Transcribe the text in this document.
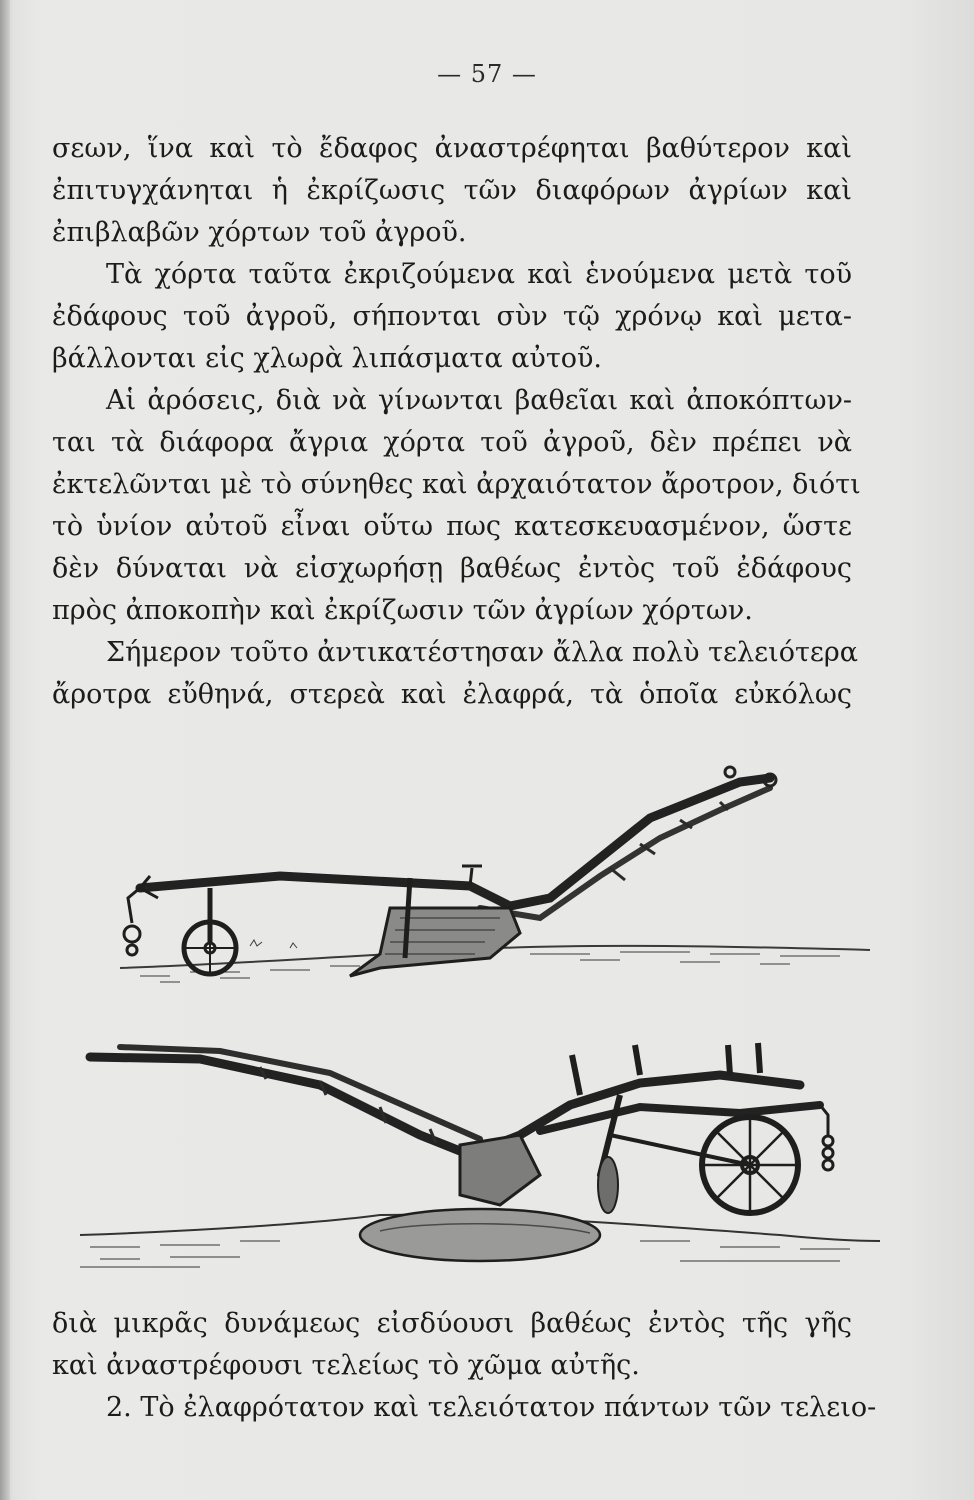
— 57 —
σεων, ἵνα καὶ τὸ ἔδαφος ἀναστρέφηται βαθύτερον καὶ
ἐπιτυγχάνηται ἡ ἐκρίζωσις τῶν διαφόρων ἀγρίων καὶ
ἐπιβλαβῶν χόρτων τοῦ ἀγροῦ.
Τὰ χόρτα ταῦτα ἐκριζούμενα καὶ ἑνούμενα μετὰ τοῦ
ἐδάφους τοῦ ἀγροῦ, σήπονται σὺν τῷ χρόνῳ καὶ μετα-
βάλλονται εἰς χλωρὰ λιπάσματα αὐτοῦ.
Αἱ ἀρόσεις, διὰ νὰ γίνωνται βαθεῖαι καὶ ἀποκόπτων-
ται τὰ διάφορα ἄγρια χόρτα τοῦ ἀγροῦ, δὲν πρέπει νὰ
ἐκτελῶνται μὲ τὸ σύνηθες καὶ ἀρχαιότατον ἄροτρον, διότι
τὸ ὑνίον αὐτοῦ εἶναι οὕτω πως κατεσκευασμένον, ὥστε
δὲν δύναται νὰ εἰσχωρήσῃ βαθέως ἐντὸς τοῦ ἐδάφους
πρὸς ἀποκοπὴν καὶ ἐκρίζωσιν τῶν ἀγρίων χόρτων.
Σήμερον τοῦτο ἀντικατέστησαν ἄλλα πολὺ τελειότερα
ἄροτρα εὔθηνά, στερεὰ καὶ ἐλαφρά, τὰ ὁποῖα εὐκόλως
διὰ μικρᾶς δυνάμεως εἰσδύουσι βαθέως ἐντὸς τῆς γῆς
καὶ ἀναστρέφουσι τελείως τὸ χῶμα αὐτῆς.
2. Τὸ ἐλαφρότατον καὶ τελειότατον πάντων τῶν τελειο-
